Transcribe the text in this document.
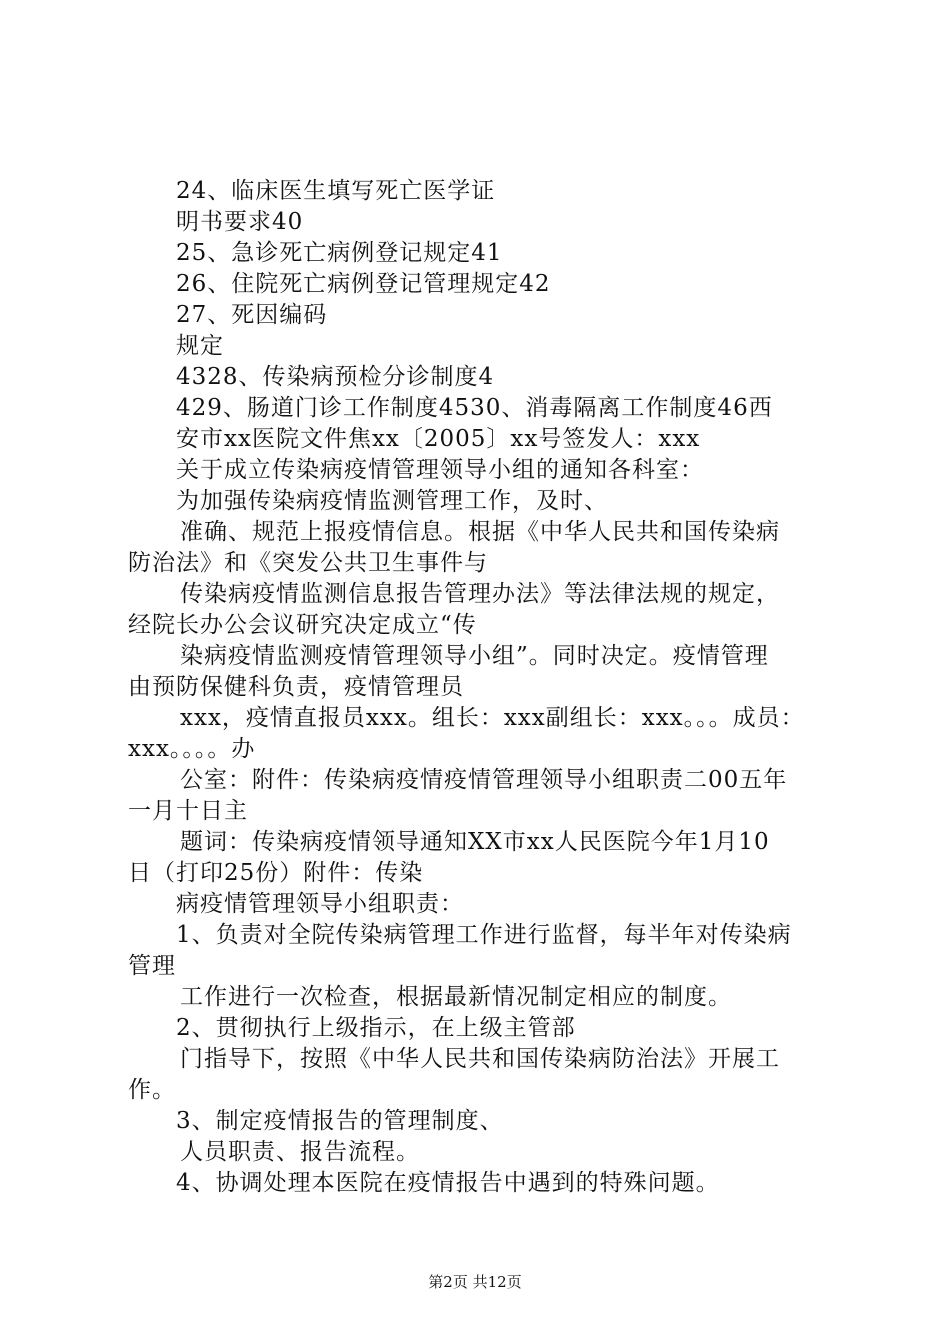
24、临床医生填写死亡医学证
明书要求40
25、急诊死亡病例登记规定41
26、住院死亡病例登记管理规定42
27、死因编码
规定
4328、传染病预检分诊制度4
429、肠道门诊工作制度4530、消毒隔离工作制度46西
安市xx医院文件焦xx〔2005〕xx号签发人：xxx
关于成立传染病疫情管理领导小组的通知各科室：
为加强传染病疫情监测管理工作，及时、
准确、规范上报疫情信息。根据《中华人民共和国传染病
防治法》和《突发公共卫生事件与
传染病疫情监测信息报告管理办法》等法律法规的规定，
经院长办公会议研究决定成立“传
染病疫情监测疫情管理领导小组”。同时决定。疫情管理
由预防保健科负责，疫情管理员
xxx，疫情直报员xxx。组长：xxx副组长：xxx。。。成员：
xxx。。。。办
公室：附件：传染病疫情疫情管理领导小组职责二00五年
一月十日主
题词：传染病疫情领导通知XX市xx人民医院今年1月10
日（打印25份）附件：传染
病疫情管理领导小组职责：
1、负责对全院传染病管理工作进行监督，每半年对传染病
管理
工作进行一次检查，根据最新情况制定相应的制度。
2、贯彻执行上级指示，在上级主管部
门指导下，按照《中华人民共和国传染病防治法》开展工
作。
3、制定疫情报告的管理制度、
人员职责、报告流程。
4、协调处理本医院在疫情报告中遇到的特殊问题。
第2页 共12页
